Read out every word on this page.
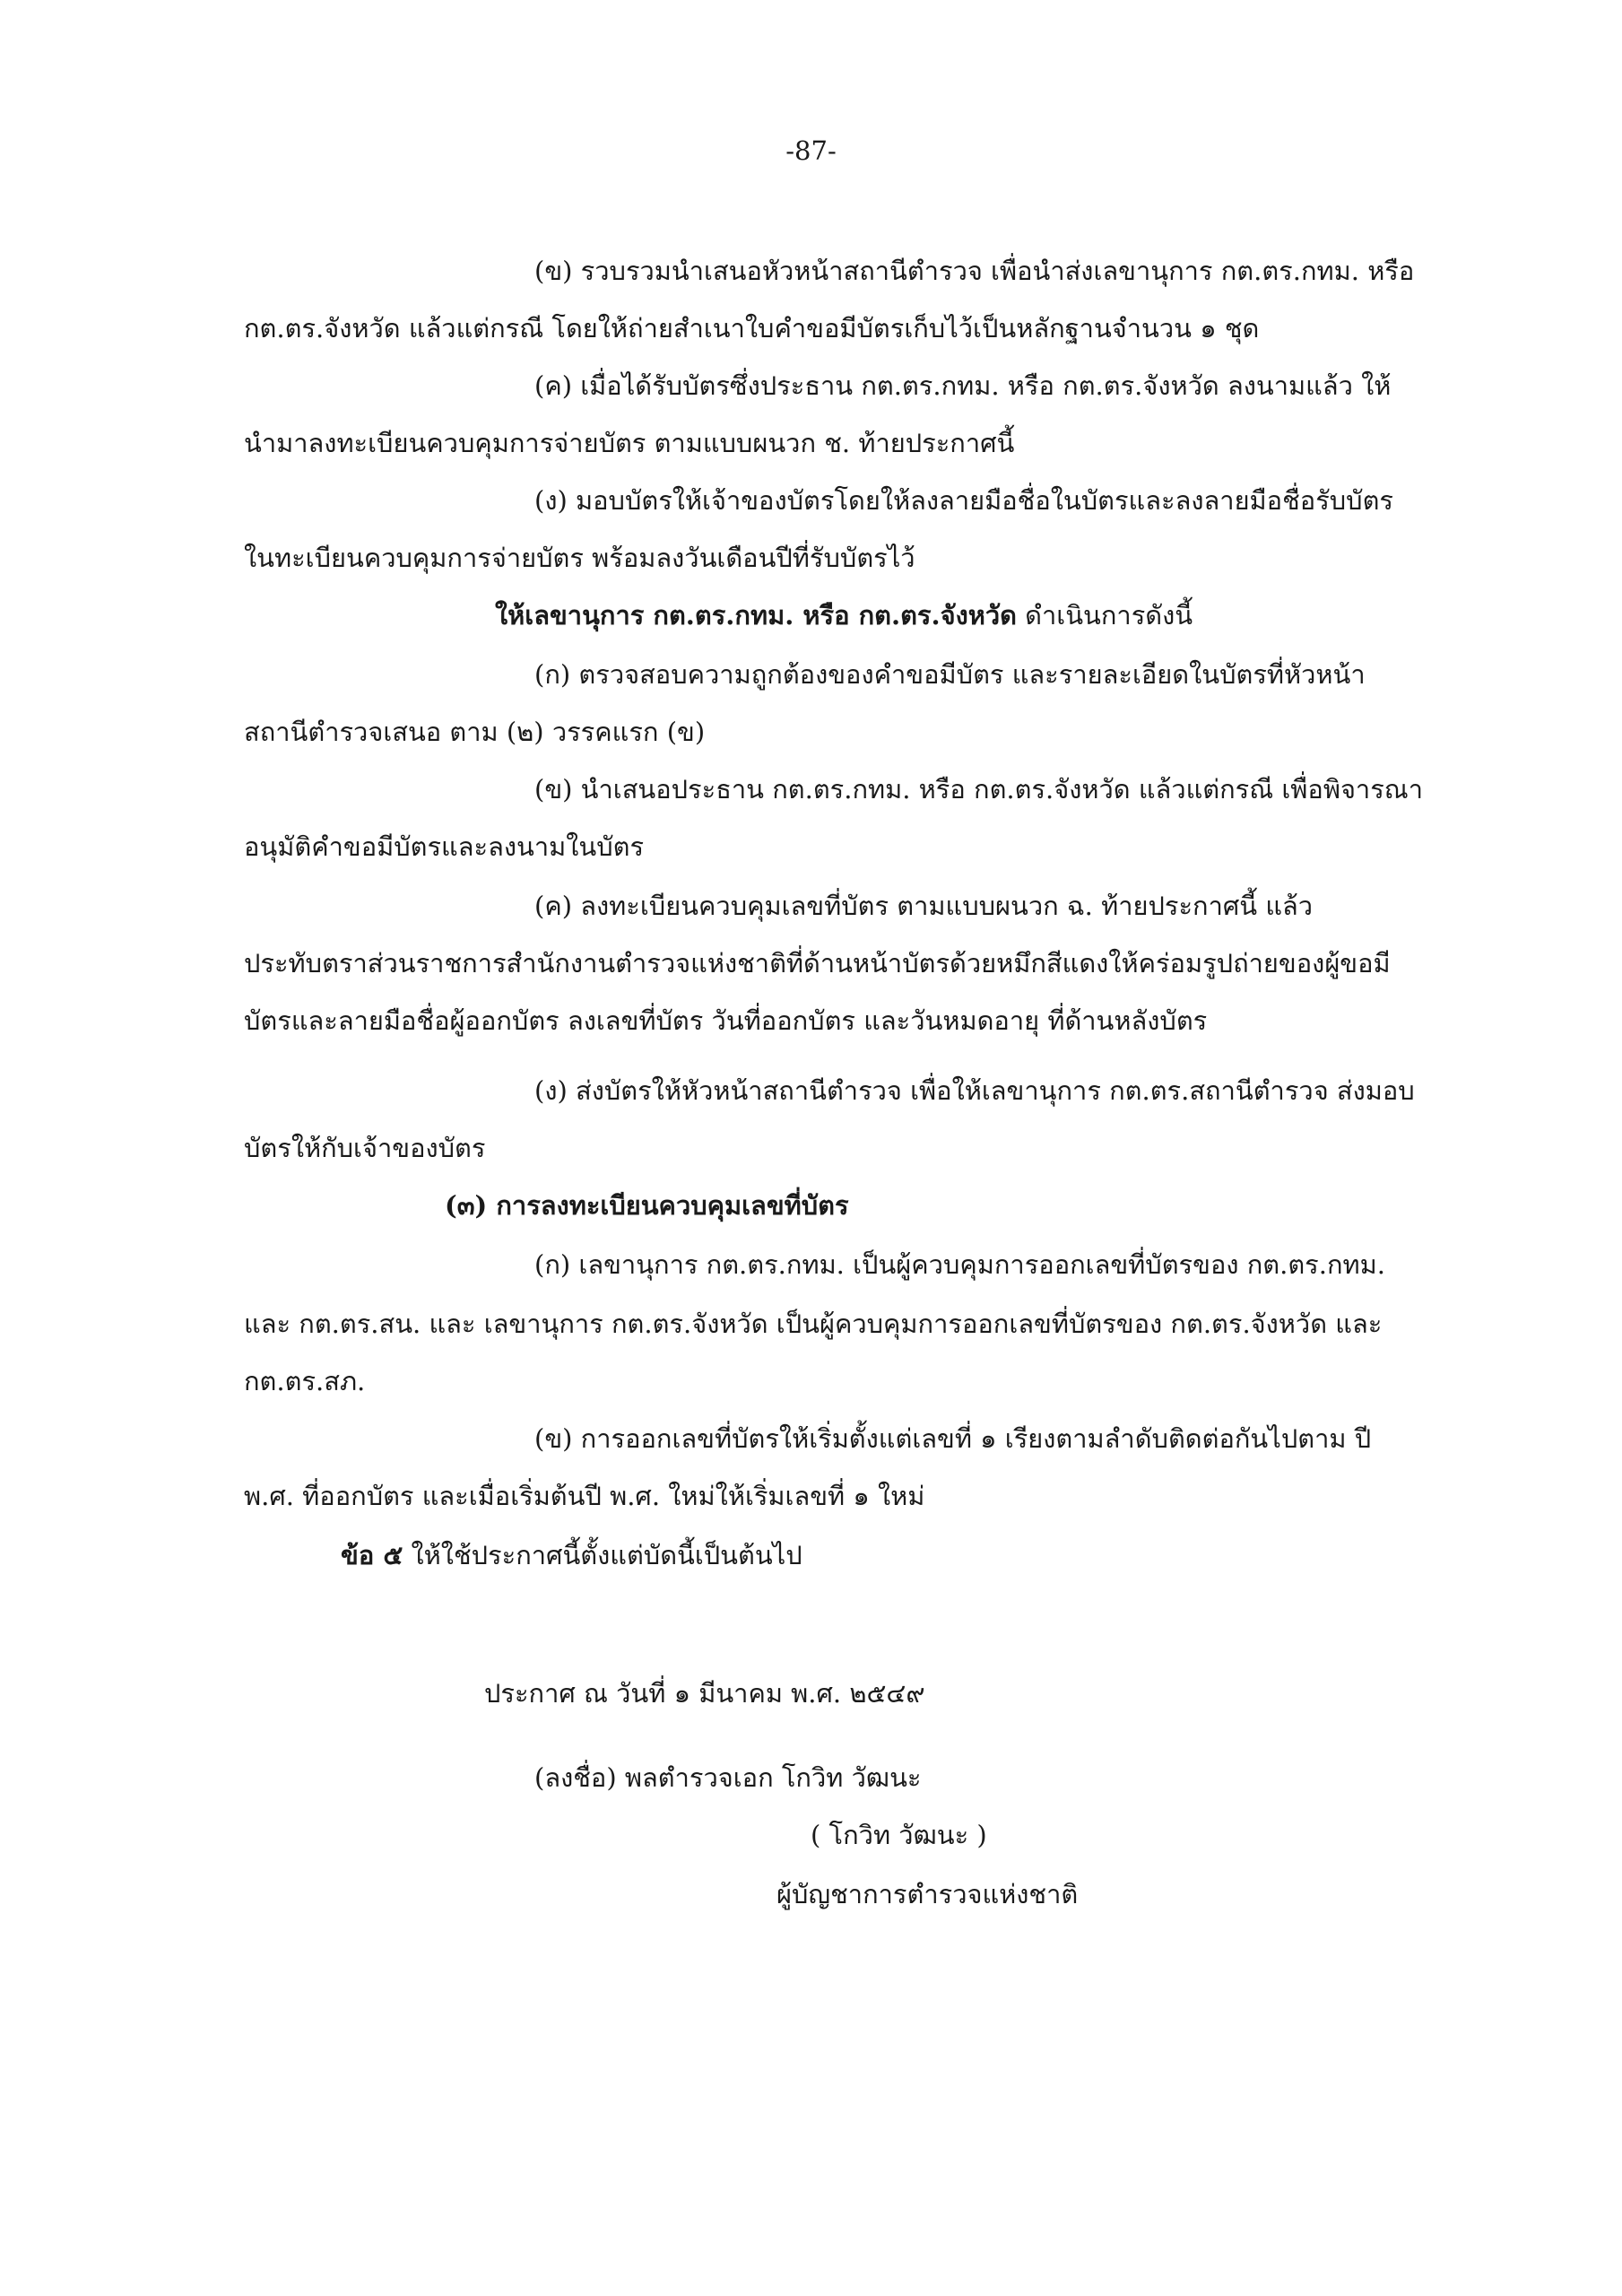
-87-
(ข) รวบรวมนำเสนอหัวหน้าสถานีตำรวจ เพื่อนำส่งเลขานุการ กต.ตร.กทม. หรือ
กต.ตร.จังหวัด แล้วแต่กรณี โดยให้ถ่ายสำเนาใบคำขอมีบัตรเก็บไว้เป็นหลักฐานจำนวน ๑ ชุด
(ค) เมื่อได้รับบัตรซึ่งประธาน กต.ตร.กทม. หรือ กต.ตร.จังหวัด ลงนามแล้ว ให้
นำมาลงทะเบียนควบคุมการจ่ายบัตร ตามแบบผนวก ช. ท้ายประกาศนี้
(ง) มอบบัตรให้เจ้าของบัตรโดยให้ลงลายมือชื่อในบัตรและลงลายมือชื่อรับบัตร
ในทะเบียนควบคุมการจ่ายบัตร พร้อมลงวันเดือนปีที่รับบัตรไว้
ให้เลขานุการ กต.ตร.กทม. หรือ กต.ตร.จังหวัด ดำเนินการดังนี้
(ก) ตรวจสอบความถูกต้องของคำขอมีบัตร และรายละเอียดในบัตรที่หัวหน้า
สถานีตำรวจเสนอ ตาม (๒) วรรคแรก (ข)
(ข) นำเสนอประธาน กต.ตร.กทม. หรือ กต.ตร.จังหวัด แล้วแต่กรณี เพื่อพิจารณา
อนุมัติคำขอมีบัตรและลงนามในบัตร
(ค) ลงทะเบียนควบคุมเลขที่บัตร ตามแบบผนวก ฉ. ท้ายประกาศนี้ แล้ว
ประทับตราส่วนราชการสำนักงานตำรวจแห่งชาติที่ด้านหน้าบัตรด้วยหมึกสีแดงให้คร่อมรูปถ่ายของผู้ขอมี
บัตรและลายมือชื่อผู้ออกบัตร ลงเลขที่บัตร วันที่ออกบัตร และวันหมดอายุ ที่ด้านหลังบัตร
(ง) ส่งบัตรให้หัวหน้าสถานีตำรวจ เพื่อให้เลขานุการ กต.ตร.สถานีตำรวจ ส่งมอบ
บัตรให้กับเจ้าของบัตร
(๓) การลงทะเบียนควบคุมเลขที่บัตร
(ก) เลขานุการ กต.ตร.กทม. เป็นผู้ควบคุมการออกเลขที่บัตรของ กต.ตร.กทม.
และ กต.ตร.สน. และ เลขานุการ กต.ตร.จังหวัด เป็นผู้ควบคุมการออกเลขที่บัตรของ กต.ตร.จังหวัด และ
กต.ตร.สภ.
(ข) การออกเลขที่บัตรให้เริ่มตั้งแต่เลขที่ ๑ เรียงตามลำดับติดต่อกันไปตาม ปี
พ.ศ. ที่ออกบัตร และเมื่อเริ่มต้นปี พ.ศ. ใหม่ให้เริ่มเลขที่ ๑ ใหม่
ข้อ ๕ ให้ใช้ประกาศนี้ตั้งแต่บัดนี้เป็นต้นไป
ประกาศ ณ วันที่ ๑ มีนาคม พ.ศ. ๒๕๔๙
(ลงชื่อ) พลตำรวจเอก โกวิท วัฒนะ
( โกวิท วัฒนะ )
ผู้บัญชาการตำรวจแห่งชาติ
